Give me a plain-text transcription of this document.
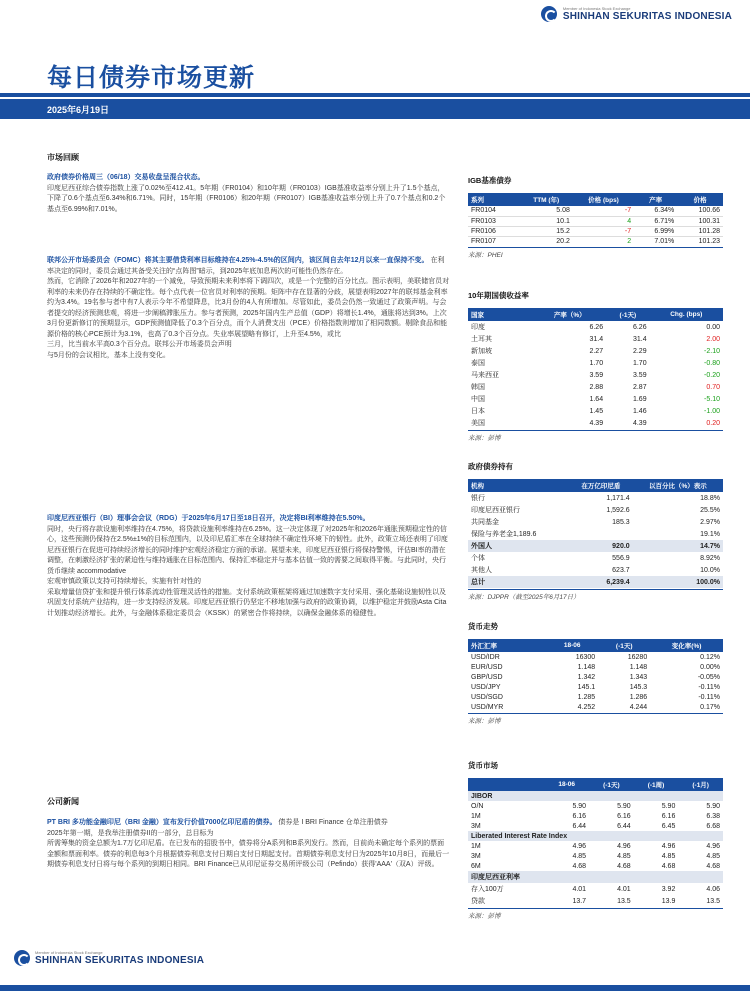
Member of Indonesia Stock Exchange
SHINHAN SEKURITAS INDONESIA
每日债券市场更新
2025年6月19日
市场回顾
政府债券价格周三（06/18）交易收盘呈混合状态。
印度尼西亚综合债券指数上涨了0.02%至412.41。5年期（FR0104）和10年期（FR0103）IGB基准收益率分别上升了1.5个基点，下降了0.6个基点至6.34%和6.71%。同时，15年期（FR0106）和20年期（FR0107）IGB基准收益率分别上升了0.7个基点和0.2个基点至6.99%和7.01%。
联邦公开市场委员会（FOMC）将其主要借贷利率目标维持在4.25%-4.5%的区间内，该区间自去年12月以来一直保持不变。 在利率决定的同时，委员会通过其备受关注的“点阵图”暗示，到2025年底加息两次的可能性仍然存在。
然而，它消除了2026年和2027年的一个减免，导致预期未来利率将下调四次，或是一个完整的百分比点。图示表明，美联储官员对利率的未来仍存在持续的不确定性。每个点代表一位官员对利率的预期。矩阵中存在显著的分歧，展望表明2027年的联邦基金利率约为3.4%。19名参与者中有7人表示今年不希望降息，比3月份的4人有所增加。尽管如此，委员会仍然一致通过了政策声明。与会者提交的经济预测悲观，将进一步阐稿滞胀压力。参与者预测，2025年国内生产总值（GDP）将增长1.4%，通胀将达到3%。上次3月份更新修订的预期显示，GDP预测值降低了0.3个百分点，而个人消费支出（PCE）价格指数则增加了相同数额。剔除食品和能源价格的核心PCE预计为3.1%，也高了0.3个百分点。失业率展望略有修订，上升至4.5%，或比
三月，比当前水平高0.3个百分点。联邦公开市场委员会声明
与5月份的会议相比，基本上没有变化。
印度尼西亚银行（BI）理事会会议（RDG）于2025年6月17日至18日召开，决定将BI利率维持在5.50%。
同时，央行将存款设施利率维持在4.75%，将贷款设施利率维持在6.25%。这一决定体现了对2025年和2026年通胀预期稳定性的信心，这些预测仍保持在2.5%±1%的目标范围内，以及印尼盾汇率在全球持续不确定性环境下的韧性。此外，政策立场还表明了印度尼西亚银行在促进可持续经济增长的同时维护宏观经济稳定方面的承诺。展望未来，印度尼西亚银行将保持警惕，评估BI率的潜在调整，在刺激经济扩张的紧迫性与维持通胀在目标范围内、保持汇率稳定并与基本估值一致的需要之间取得平衡。与此同时，央行货币继续 accommodative
宏观审慎政策以支持可持续增长，实施有针对性的
采取增量信贷扩张和提升银行体系流动性管理灵活性的措施。支付系统政策框架将通过加速数字支付采用、强化基础设施韧性以及巩固支付系统产业结构，进一步支持经济发展。印度尼西亚银行仍坚定不移地加强与政府的政策协调，以维护稳定并鼓励Asta Cita计划推动经济增长。此外，与金融体系稳定委员会（KSSK）的紧密合作将持续，以确保金融体系的稳健性。
公司新闻
PT BRI 多功能金融印尼（BRI 金融）宣布发行价值7000亿印尼盾的债券。 债券是 I BRI Finance 仓单注册债券
2025年第一期，是我举注册债券II的一部分，总目标为
所需筹集的资金总额为1.7万亿印尼盾。在已发布的招股书中，债券将分A系列和B系列发行。然而，目前尚未确定每个系列的票面金额和票面利率。债券的利息每3个月根据债券利息支付日期自支付日期起支付。首期债券利息支付日为2025年10月8日，而最后一期债券利息支付日将与每个系列的到期日相同。BRI Finance已从印尼证券交易所评级公司（Pefindo）获得'AAA'（双A）评级。
IGB基准债券
系列	TTM (年)	价格 (bps)	产率	价格
FR0104	5.08	-7	6.34%	100.66
FR0103	10.1	4	6.71%	100.31
FR0106	15.2	-7	6.99%	101.28
FR0107	20.2	2	7.01%	101.23
来源：PHEI
10年期国债收益率
国家	产率（%）	(-1天)	Chg. (bps)
印度	6.26	6.26	0.00
土耳其	31.4	31.4	2.00
新加坡	2.27	2.29	-2.10
泰国	1.70	1.70	-0.80
马来西亚	3.59	3.59	-0.20
韩国	2.88	2.87	0.70
中国	1.64	1.69	-5.10
日本	1.45	1.46	-1.00
美国	4.39	4.39	0.20
来源：彭博
政府债券持有
机构	在万亿印尼盾	以百分比（%）表示
银行	1,171.4	18.8%
印度尼西亚银行	1,592.6	25.5%
共同基金	185.3	2.97%
保险与养老金1,189.6		19.1%
外国人	920.0	14.7%
个体	556.9	8.92%
其他人	623.7	10.0%
总计	6,239.4	100.0%
来源：DJPPR（截至2025年6月17日）
货币走势
外汇汇率	18-06	(-1天)	变化率(%)
USD/IDR	16300	16280	0.12%
EUR/USD	1.148	1.148	0.00%
GBP/USD	1.342	1.343	-0.05%
USD/JPY	145.1	145.3	-0.11%
USD/SGD	1.285	1.286	-0.11%
USD/MYR	4.252	4.244	0.17%
来源：彭博
货币市场
	18-06	(-1天)	(-1周)	(-1月)
JIBOR				
O/N	5.90	5.90	5.90	5.90
1M	6.16	6.16	6.16	6.38
3M	6.44	6.44	6.45	6.68
Liberated Interest Rate Index				
1M	4.96	4.96	4.96	4.96
3M	4.85	4.85	4.85	4.85
6M	4.68	4.68	4.68	4.68
印度尼西亚利率				
存入100万	4.01	4.01	3.92	4.06
贷款	13.7	13.5	13.9	13.5
来源：彭博
Member of Indonesia Stock Exchange
SHINHAN SEKURITAS INDONESIA
